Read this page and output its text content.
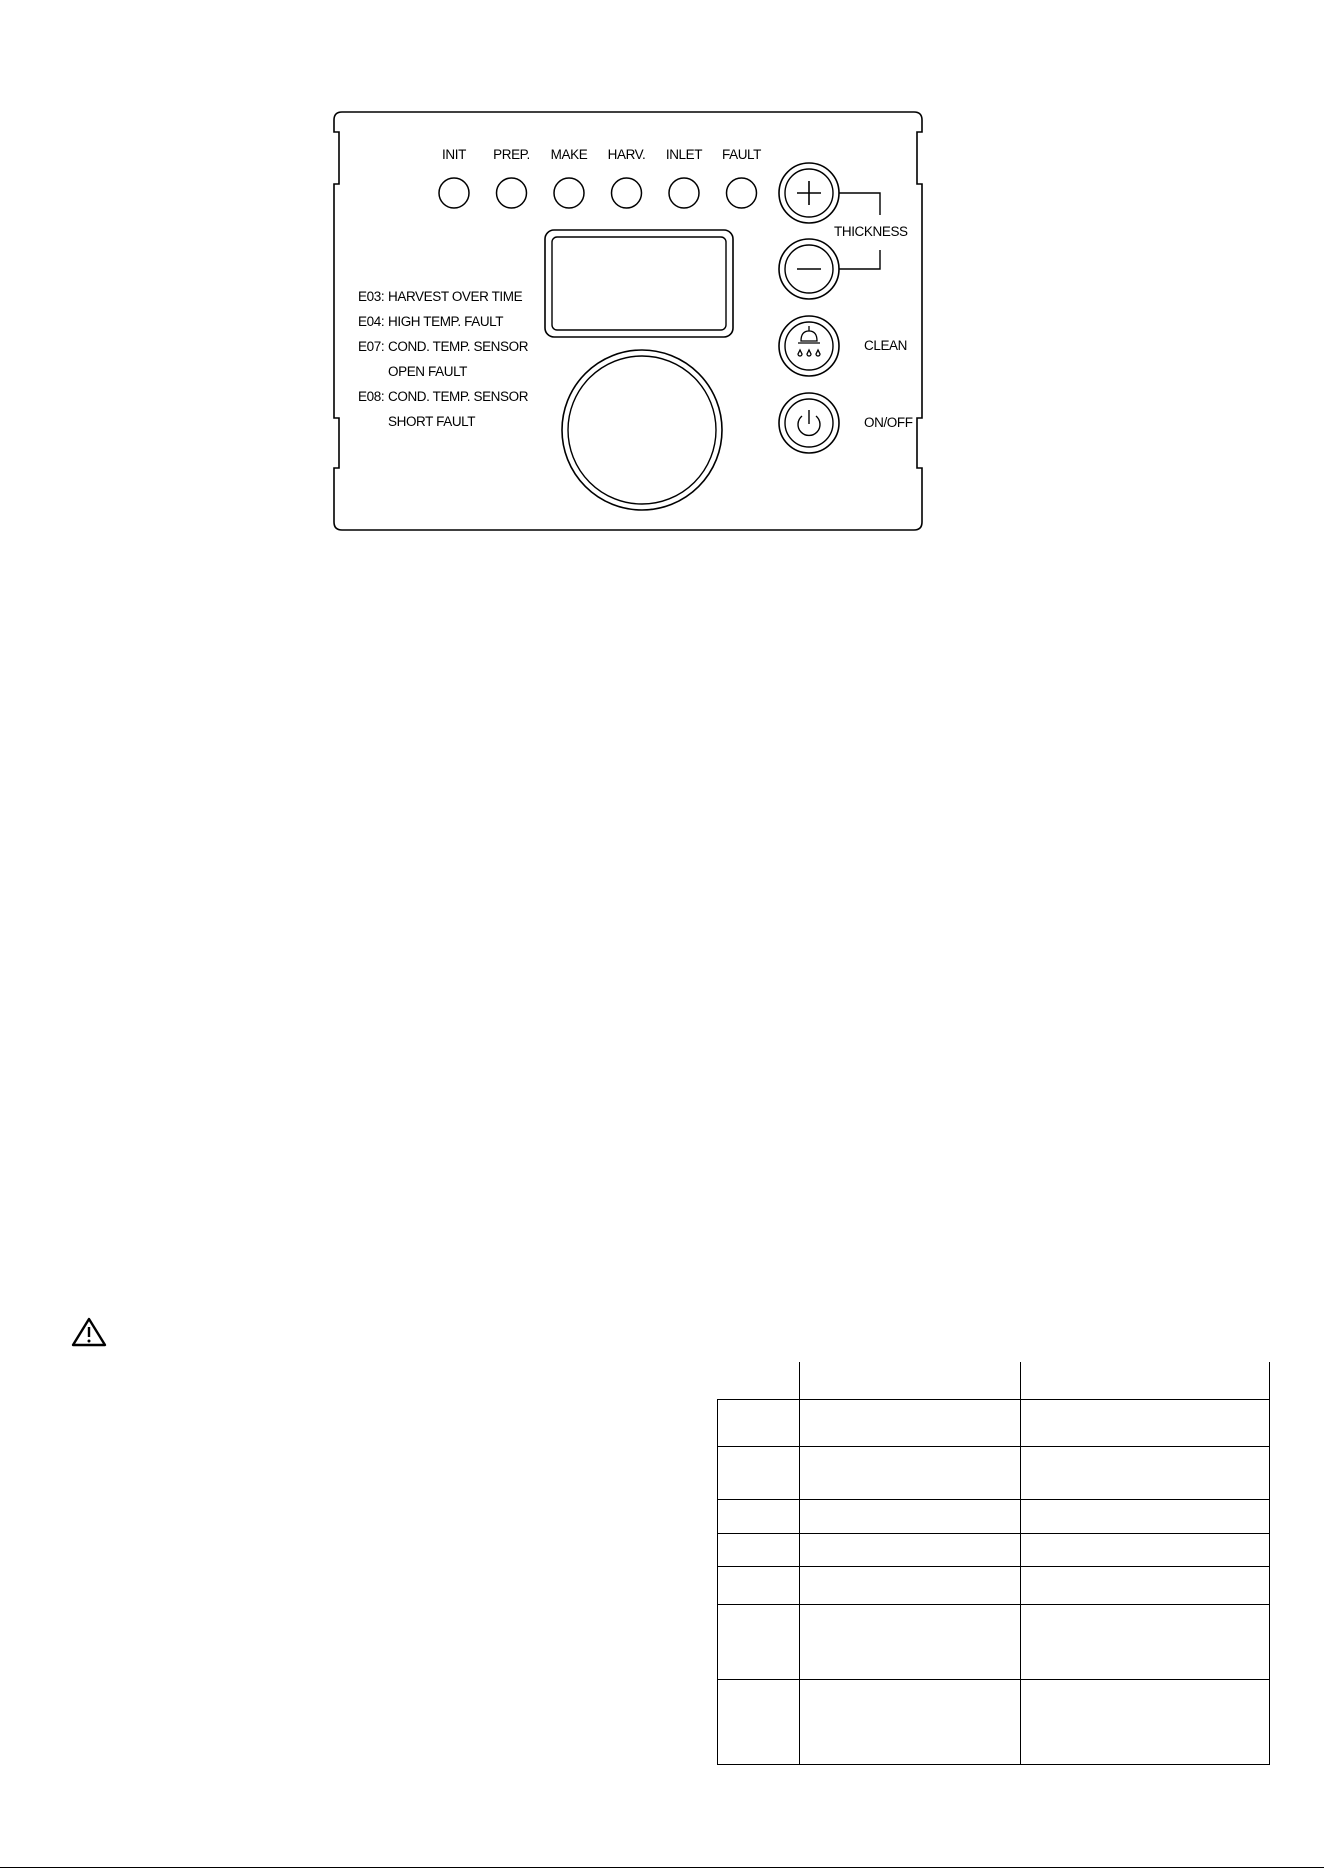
INIT PREP. MAKE HARV. INLET FAULT
THICKNESS
CLEAN
ON/OFF
E03: HARVEST OVER TIME
E04: HIGH TEMP. FAULT
E07: COND. TEMP. SENSOR
OPEN FAULT
E08: COND. TEMP. SENSOR
SHORT FAULT
